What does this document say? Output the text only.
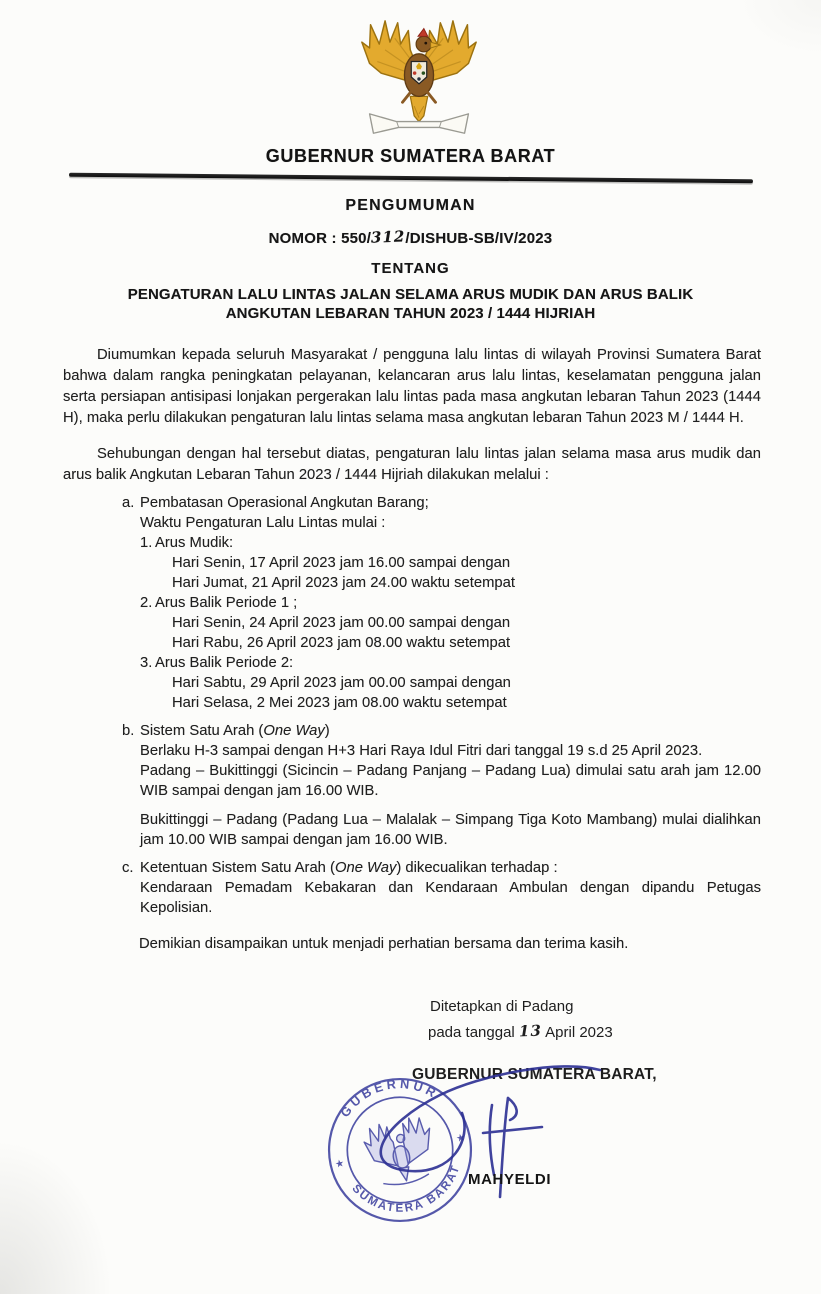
GUBERNUR SUMATERA BARAT
PENGUMUMAN
NOMOR : 550/312/DISHUB-SB/IV/2023
TENTANG
PENGATURAN LALU LINTAS JALAN SELAMA ARUS MUDIK DAN ARUS BALIK
ANGKUTAN LEBARAN TAHUN 2023 / 1444 HIJRIAH

Diumumkan kepada seluruh Masyarakat / pengguna lalu lintas di wilayah Provinsi Sumatera Barat bahwa dalam rangka peningkatan pelayanan, kelancaran arus lalu lintas, keselamatan pengguna jalan serta persiapan antisipasi lonjakan pergerakan lalu lintas pada masa angkutan lebaran Tahun 2023 (1444 H), maka perlu dilakukan pengaturan lalu lintas selama masa angkutan lebaran Tahun 2023 M / 1444 H.

Sehubungan dengan hal tersebut diatas, pengaturan lalu lintas jalan selama masa arus mudik dan arus balik Angkutan Lebaran Tahun 2023 / 1444 Hijriah dilakukan melalui :

a. Pembatasan Operasional Angkutan Barang;

Waktu Pengaturan Lalu Lintas mulai :

1. Arus Mudik:
Hari Senin, 17 April 2023 jam 16.00 sampai dengan
Hari Jumat, 21 April 2023 jam 24.00 waktu setempat
2. Arus Balik Periode 1 ;
Hari Senin, 24 April 2023 jam 00.00 sampai dengan
Hari Rabu, 26 April 2023 jam 08.00 waktu setempat
3. Arus Balik Periode 2:
Hari Sabtu, 29 April 2023 jam 00.00 sampai dengan
Hari Selasa, 2 Mei 2023 jam 08.00 waktu setempat
b. Sistem Satu Arah (One Way)

Berlaku H-3 sampai dengan H+3 Hari Raya Idul Fitri dari tanggal 19 s.d 25 April 2023.

Padang – Bukittinggi (Sicincin – Padang Panjang – Padang Lua) dimulai satu arah jam 12.00 WIB sampai dengan jam 16.00 WIB.

Bukittinggi – Padang (Padang Lua – Malalak – Simpang Tiga Koto Mambang) mulai dialihkan jam 10.00 WIB sampai dengan jam 16.00 WIB.

c. Ketentuan Sistem Satu Arah (One Way) dikecualikan terhadap :

Kendaraan Pemadam Kebakaran dan Kendaraan Ambulan dengan dipandu Petugas Kepolisian.

Demikian disampaikan untuk menjadi perhatian bersama dan terima kasih.

Ditetapkan di Padang
pada tanggal 13 April 2023
GUBERNUR SUMATERA BARAT,
GUBERNUR
SUMATERA BARAT
★
★
MAHYELDI
